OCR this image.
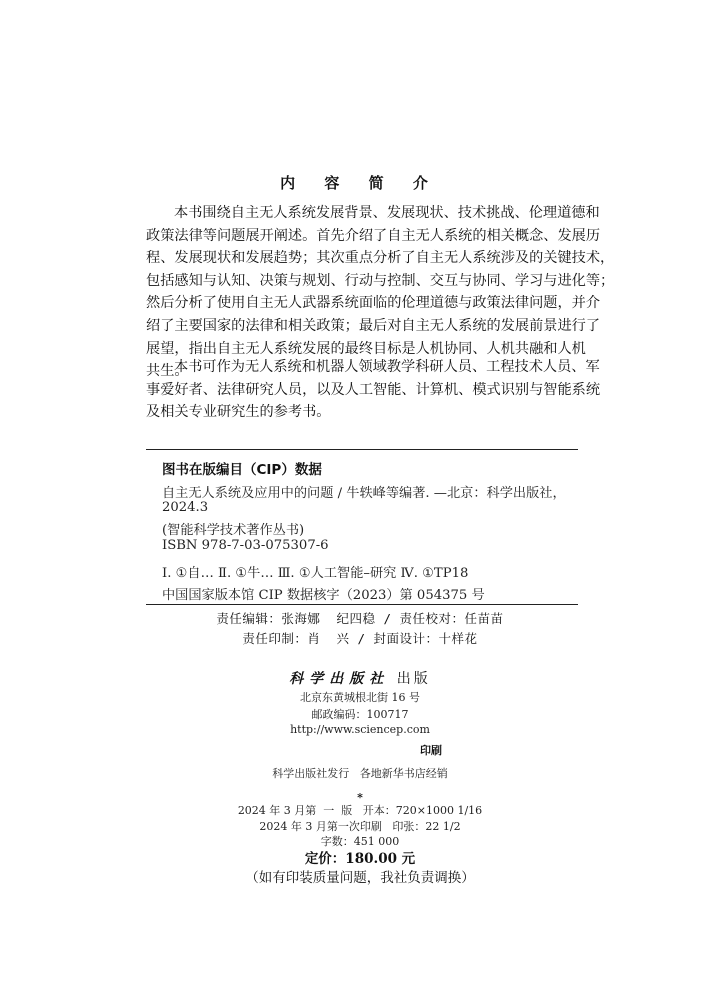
内 容 简 介
本书围绕自主无人系统发展背景、发展现状、技术挑战、伦理道德和
政策法律等问题展开阐述。首先介绍了自主无人系统的相关概念、发展历
程、发展现状和发展趋势；其次重点分析了自主无人系统涉及的关键技术，
包括感知与认知、决策与规划、行动与控制、交互与协同、学习与进化等；
然后分析了使用自主无人武器系统面临的伦理道德与政策法律问题，并介
绍了主要国家的法律和相关政策；最后对自主无人系统的发展前景进行了
展望，指出自主无人系统发展的最终目标是人机协同、人机共融和人机
共生。
本书可作为无人系统和机器人领域教学科研人员、工程技术人员、军
事爱好者、法律研究人员，以及人工智能、计算机、模式识别与智能系统
及相关专业研究生的参考书。
图书在版编目（CIP）数据
自主无人系统及应用中的问题 / 牛轶峰等编著. —北京：科学出版社，
2024.3
(智能科学技术著作丛书)
ISBN 978-7-03-075307-6
Ⅰ. ①自… Ⅱ. ①牛… Ⅲ. ①人工智能–研究 Ⅳ. ①TP18
中国国家版本馆 CIP 数据核字（2023）第 054375 号
责任编辑：张海娜  纪四稳 / 责任校对：任苗苗
责任印制：肖  兴 / 封面设计：十样花
科学出版社 出版
北京东黄城根北街 16 号
邮政编码：100717
http://www.sciencep.com
印刷
科学出版社发行   各地新华书店经销
*
2024 年 3 月第  一  版   开本：720×1000 1/16
2024 年 3 月第一次印刷   印张：22 1/2
字数：451 000
定价：180.00 元
（如有印装质量问题，我社负责调换）
